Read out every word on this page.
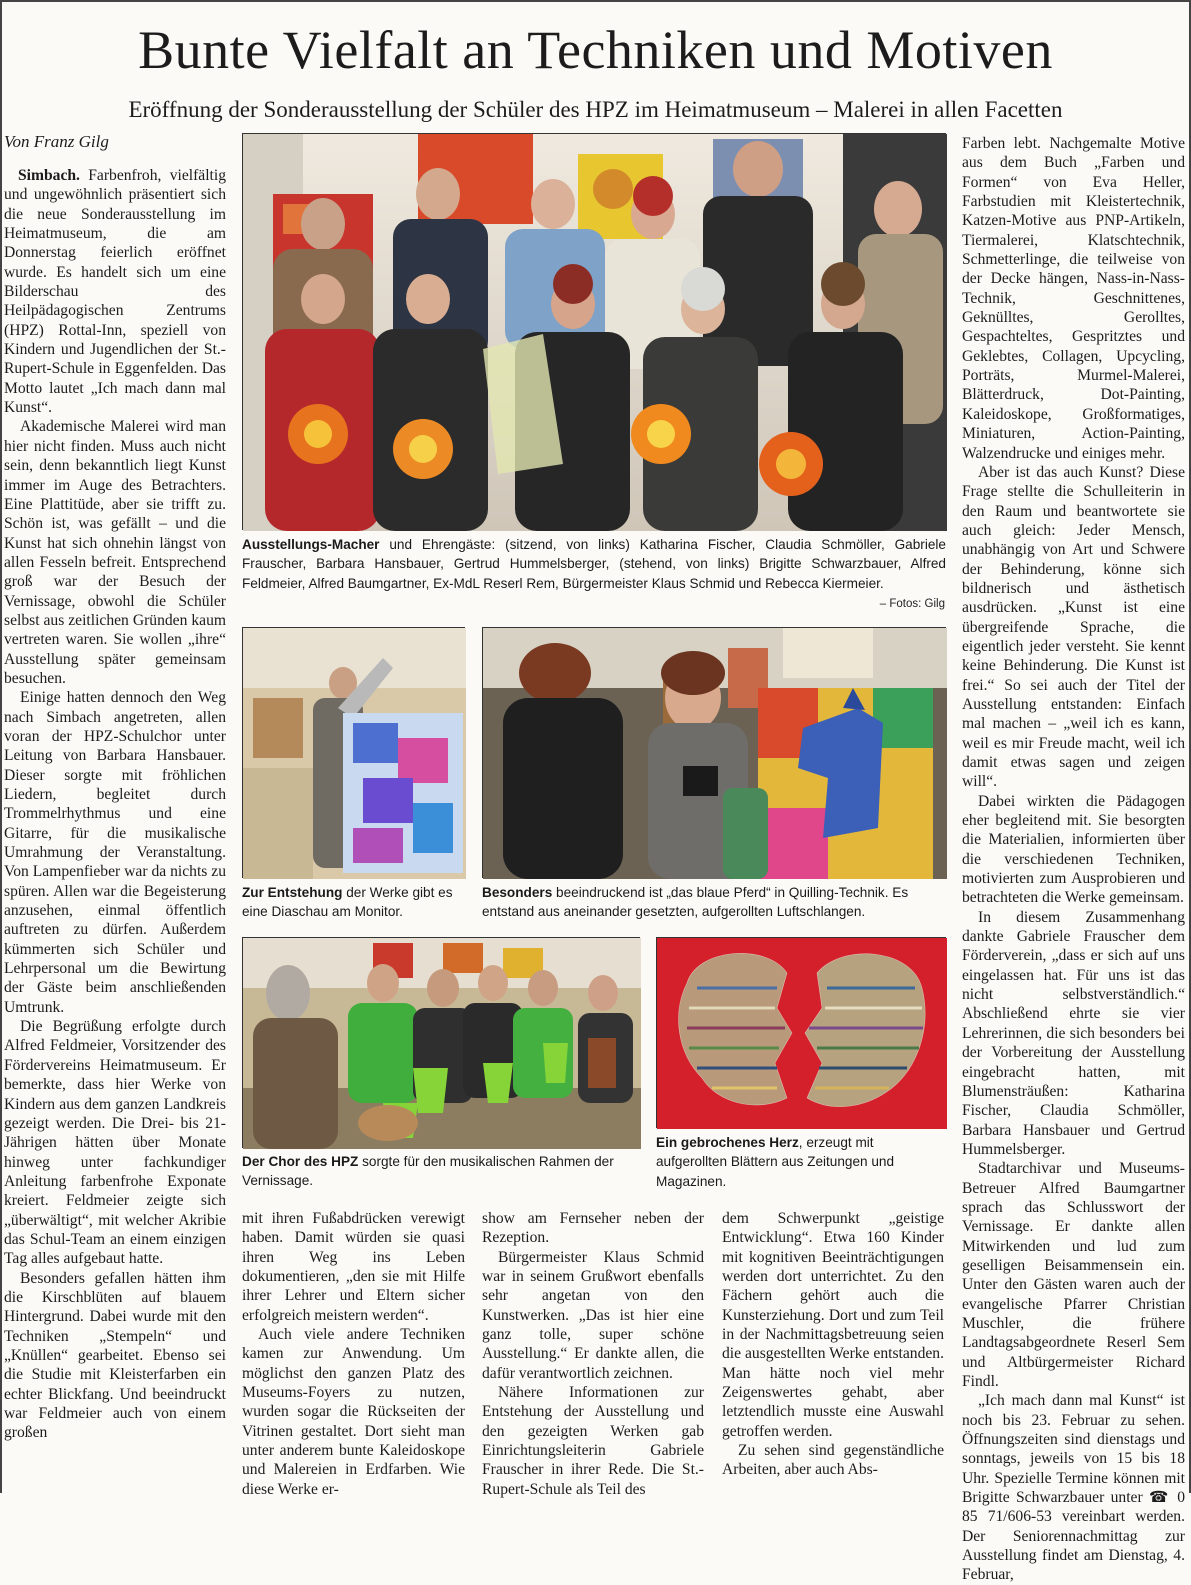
Bunte Vielfalt an Techniken und Motiven
Eröffnung der Sonderausstellung der Schüler des HPZ im Heimatmuseum – Malerei in allen Facetten
Von Franz Gilg

Simbach. Farbenfroh, vielfältig und ungewöhnlich präsentiert sich die neue Sonderausstellung im Heimatmuseum, die am Donnerstag feierlich eröffnet wurde. Es handelt sich um eine Bilderschau des Heilpädagogischen Zentrums (HPZ) Rottal-Inn, speziell von Kindern und Jugendlichen der St.-Rupert-Schule in Eggenfelden. Das Motto lautet „Ich mach dann mal Kunst“.

Akademische Malerei wird man hier nicht finden. Muss auch nicht sein, denn bekanntlich liegt Kunst immer im Auge des Betrachters. Eine Plattitüde, aber sie trifft zu. Schön ist, was gefällt – und die Kunst hat sich ohnehin längst von allen Fesseln befreit. Entsprechend groß war der Besuch der Vernissage, obwohl die Schüler selbst aus zeitlichen Gründen kaum vertreten waren. Sie wollen „ihre“ Ausstellung später gemeinsam besuchen.

Einige hatten dennoch den Weg nach Simbach angetreten, allen voran der HPZ-Schulchor unter Leitung von Barbara Hansbauer. Dieser sorgte mit fröhlichen Liedern, begleitet durch Trommelrhythmus und eine Gitarre, für die musikalische Umrahmung der Veranstaltung. Von Lampenfieber war da nichts zu spüren. Allen war die Begeisterung anzusehen, einmal öffentlich auftreten zu dürfen. Außerdem kümmerten sich Schüler und Lehrpersonal um die Bewirtung der Gäste beim anschließenden Umtrunk.

Die Begrüßung erfolgte durch Alfred Feldmeier, Vorsitzender des Fördervereins Heimatmuseum. Er bemerkte, dass hier Werke von Kindern aus dem ganzen Landkreis gezeigt werden. Die Drei- bis 21-Jährigen hätten über Monate hinweg unter fachkundiger Anleitung farbenfrohe Exponate kreiert. Feldmeier zeigte sich „überwältigt“, mit welcher Akribie das Schul-Team an einem einzigen Tag alles aufgebaut hatte.

Besonders gefallen hätten ihm die Kirschblüten auf blauem Hintergrund. Dabei wurde mit den Techniken „Stempeln“ und „Knüllen“ gearbeitet. Ebenso sei die Studie mit Kleisterfarben ein echter Blickfang. Und beeindruckt war Feldmeier auch von einem großen

Ausstellungs-Macher und Ehrengäste: (sitzend, von links) Katharina Fischer, Claudia Schmöller, Gabriele Frauscher, Barbara Hansbauer, Gertrud Hummelsberger, (stehend, von links) Brigitte Schwarzbauer, Alfred Feldmeier, Alfred Baumgartner, Ex-MdL Reserl Rem, Bürgermeister Klaus Schmid und Rebecca Kiermeier.
– Fotos: Gilg
Zur Entstehung der Werke gibt es eine Diaschau am Monitor.
Besonders beeindruckend ist „das blaue Pferd“ in Quilling-Technik. Es entstand aus aneinander gesetzten, aufgerollten Luftschlangen.
Der Chor des HPZ sorgte für den musikalischen Rahmen der Vernissage.
Ein gebrochenes Herz, erzeugt mit aufgerollten Blättern aus Zeitungen und Magazinen.

mit ihren Fußabdrücken verewigt haben. Damit würden sie quasi ihren Weg ins Leben dokumentieren, „den sie mit Hilfe ihrer Lehrer und Eltern sicher erfolgreich meistern werden“.

Auch viele andere Techniken kamen zur Anwendung. Um möglichst den ganzen Platz des Museums-Foyers zu nutzen, wurden sogar die Rückseiten der Vitrinen gestaltet. Dort sieht man unter anderem bunte Kaleidoskope und Malereien in Erdfarben. Wie diese Werke er-

show am Fernseher neben der Rezeption.

Bürgermeister Klaus Schmid war in seinem Grußwort ebenfalls sehr angetan von den Kunstwerken. „Das ist hier eine ganz tolle, super schöne Ausstellung.“ Er dankte allen, die dafür verantwortlich zeichnen.

Nähere Informationen zur Entstehung der Ausstellung und den gezeigten Werken gab Einrichtungsleiterin Gabriele Frauscher in ihrer Rede. Die St.-Rupert-Schule als Teil des

dem Schwerpunkt „geistige Entwicklung“. Etwa 160 Kinder mit kognitiven Beeinträchtigungen werden dort unterrichtet. Zu den Fächern gehört auch die Kunsterziehung. Dort und zum Teil in der Nachmittagsbetreuung seien die ausgestellten Werke entstanden. Man hätte noch viel mehr Zeigenswertes gehabt, aber letztendlich musste eine Auswahl getroffen werden.

Zu sehen sind gegenständliche Arbeiten, aber auch Abs-

Farben lebt. Nachgemalte Motive aus dem Buch „Farben und Formen“ von Eva Heller, Farbstudien mit Kleistertechnik, Katzen-Motive aus PNP-Artikeln, Tiermalerei, Klatschtechnik, Schmetterlinge, die teilweise von der Decke hängen, Nass-in-Nass-Technik, Geschnittenes, Geknülltes, Gerolltes, Gespachteltes, Gespritztes und Geklebtes, Collagen, Upcycling, Porträts, Murmel-Malerei, Blätterdruck, Dot-Painting, Kaleidoskope, Großformatiges, Miniaturen, Action-Painting, Walzendrucke und einiges mehr.

Aber ist das auch Kunst? Diese Frage stellte die Schulleiterin in den Raum und beantwortete sie auch gleich: Jeder Mensch, unabhängig von Art und Schwere der Behinderung, könne sich bildnerisch und ästhetisch ausdrücken. „Kunst ist eine übergreifende Sprache, die eigentlich jeder versteht. Sie kennt keine Behinderung. Die Kunst ist frei.“ So sei auch der Titel der Ausstellung entstanden: Einfach mal machen – „weil ich es kann, weil es mir Freude macht, weil ich damit etwas sagen und zeigen will“.

Dabei wirkten die Pädagogen eher begleitend mit. Sie besorgten die Materialien, informierten über die verschiedenen Techniken, motivierten zum Ausprobieren und betrachteten die Werke gemeinsam.

In diesem Zusammenhang dankte Gabriele Frauscher dem Förderverein, „dass er sich auf uns eingelassen hat. Für uns ist das nicht selbstverständlich.“ Abschließend ehrte sie vier Lehrerinnen, die sich besonders bei der Vorbereitung der Ausstellung eingebracht hatten, mit Blumensträußen: Katharina Fischer, Claudia Schmöller, Barbara Hansbauer und Gertrud Hummelsberger.

Stadtarchivar und Museums-Betreuer Alfred Baumgartner sprach das Schlusswort der Vernissage. Er dankte allen Mitwirkenden und lud zum geselligen Beisammensein ein. Unter den Gästen waren auch der evangelische Pfarrer Christian Muschler, die frühere Landtagsabgeordnete Reserl Sem und Altbürgermeister Richard Findl.

„Ich mach dann mal Kunst“ ist noch bis 23. Februar zu sehen. Öffnungszeiten sind dienstags und sonntags, jeweils von 15 bis 18 Uhr. Spezielle Termine können mit Brigitte Schwarzbauer unter ☎ 0 85 71/606-53 vereinbart werden. Der Seniorennachmittag zur Ausstellung findet am Dienstag, 4. Februar,
